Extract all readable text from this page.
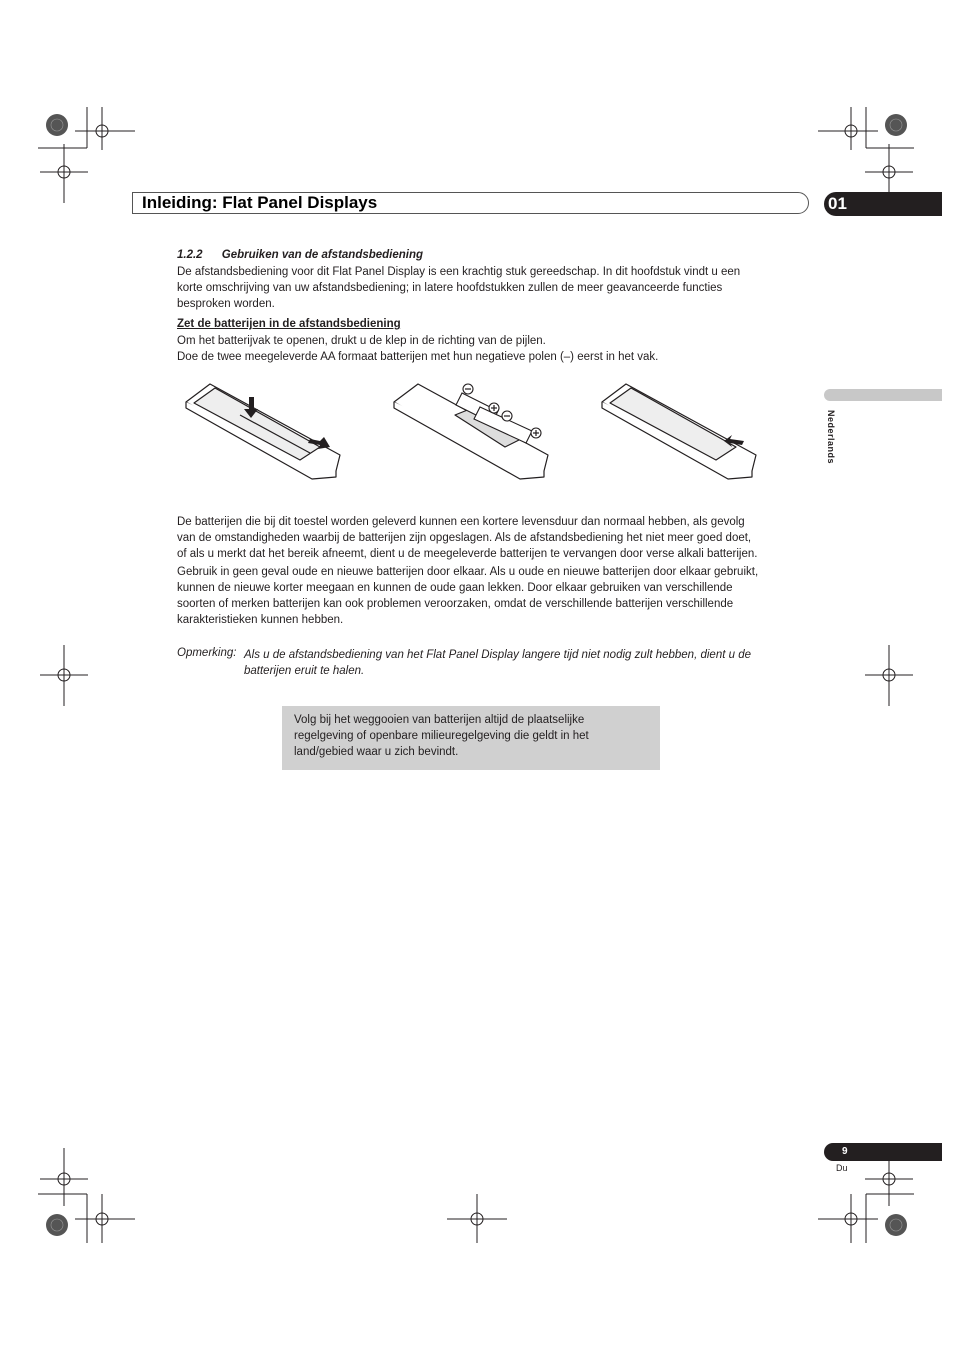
Inleiding: Flat Panel Displays	01
Nederlands
1.2.2      Gebruiken van de afstandsbediening
De afstandsbediening voor dit Flat Panel Display is een krachtig stuk gereedschap. In dit hoofdstuk vindt u een
korte omschrijving van uw afstandsbediening; in latere hoofdstukken zullen de meer geavanceerde functies
besproken worden.
Zet de batterijen in de afstandsbediening
Om het batterijvak te openen, drukt u de klep in de richting van de pijlen.
Doe de twee meegeleverde AA formaat batterijen met hun negatieve polen (–) eerst in het vak.
De batterijen die bij dit toestel worden geleverd kunnen een kortere levensduur dan normaal hebben, als gevolg
van de omstandigheden waarbij de batterijen zijn opgeslagen. Als de afstandsbediening het niet meer goed doet,
of als u merkt dat het bereik afneemt, dient u de meegeleverde batterijen te vervangen door verse alkali batterijen.
Gebruik in geen geval oude en nieuwe batterijen door elkaar. Als u oude en nieuwe batterijen door elkaar gebruikt,
kunnen de nieuwe korter meegaan en kunnen de oude gaan lekken. Door elkaar gebruiken van verschillende
soorten of merken batterijen kan ook problemen veroorzaken, omdat de verschillende batterijen verschillende
karakteristieken kunnen hebben.
Opmerking: Als u de afstandsbediening van het Flat Panel Display langere tijd niet nodig zult hebben, dient u de
batterijen eruit te halen.
Volg bij het weggooien van batterijen altijd de plaatselijke
regelgeving of openbare milieuregelgeving die geldt in het
land/gebied waar u zich bevindt.
9
Du
